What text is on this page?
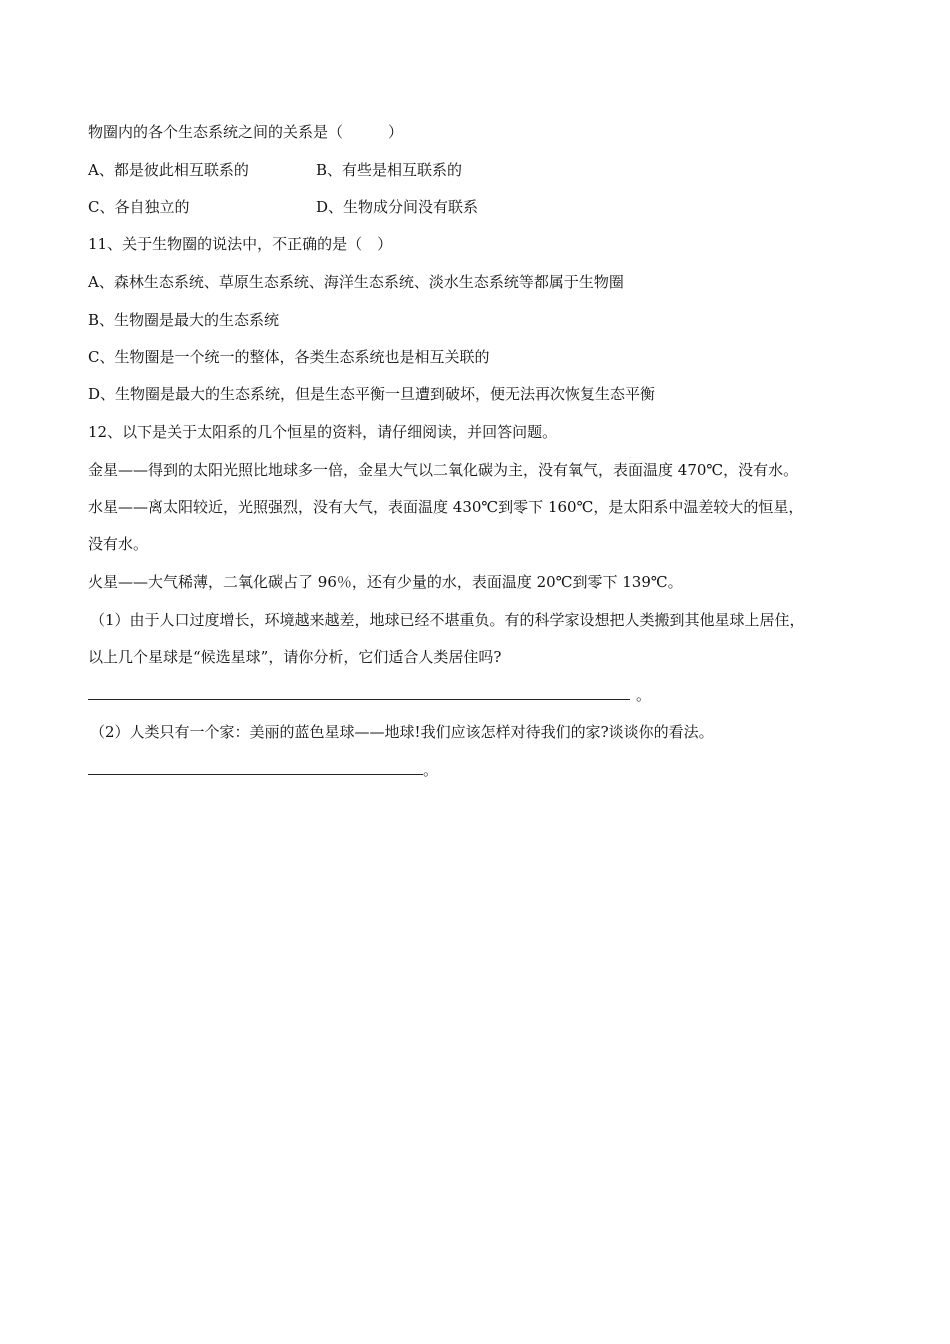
物圈内的各个生态系统之间的关系是（　　　）
A、都是彼此相互联系的	B、有些是相互联系的
C、各自独立的	D、生物成分间没有联系
11、关于生物圈的说法中，不正确的是（　）
A、森林生态系统、草原生态系统、海洋生态系统、淡水生态系统等都属于生物圈
B、生物圈是最大的生态系统
C、生物圈是一个统一的整体，各类生态系统也是相互关联的
D、生物圈是最大的生态系统，但是生态平衡一旦遭到破坏，便无法再次恢复生态平衡
12、以下是关于太阳系的几个恒星的资料，请仔细阅读，并回答问题。
金星——得到的太阳光照比地球多一倍，金星大气以二氧化碳为主，没有氧气，表面温度 470℃，没有水。
水星——离太阳较近，光照强烈，没有大气，表面温度 430℃到零下 160℃，是太阳系中温差较大的恒星，
没有水。
火星——大气稀薄，二氧化碳占了 96％，还有少量的水，表面温度 20℃到零下 139℃。
（1）由于人口过度增长，环境越来越差，地球已经不堪重负。有的科学家设想把人类搬到其他星球上居住，
以上几个星球是“候选星球”，请你分析，它们适合人类居住吗?
。
（2）人类只有一个家：美丽的蓝色星球——地球!我们应该怎样对待我们的家?谈谈你的看法。
。
